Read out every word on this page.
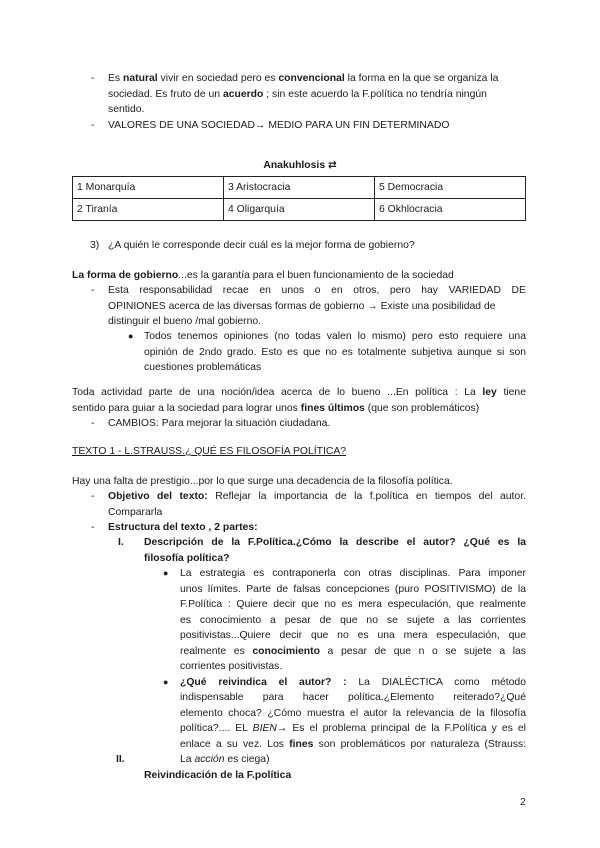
- Es natural vivir en sociedad pero es convencional la forma en la que se organiza la
sociedad. Es fruto de un acuerdo ; sin este acuerdo la F.política no tendría ningún
sentido.
- VALORES DE UNA SOCIEDAD→ MEDIO PARA UN FIN DETERMINADO
Anakuhlosis ⇄
1 Monarquía	3 Aristocracia	5 Democracia
2 Tiranía	4 Oligarquía	6 Okhlocracia
3) ¿A quién le corresponde decir cuál es la mejor forma de gobierno?
La forma de gobierno...es la garantía para el buen funcionamiento de la sociedad
- Esta responsabilidad recae en unos o en otros, pero hay VARIEDAD DE
OPINIONES acerca de las diversas formas de gobierno → Existe una posibilidad de
distinguir el bueno /mal gobierno.
● Todos tenemos opiniones (no todas valen lo mismo) pero esto requiere una
opinión de 2ndo grado. Esto es que no es totalmente subjetiva aunque si son
cuestiones problemáticas
Toda actividad parte de una noción/idea acerca de lo bueno ...En política : La ley tiene
sentido para guiar a la sociedad para lograr unos fines últimos (que son problemáticos)
- CAMBIOS: Para mejorar la situación ciudadana.
TEXTO 1 - L.STRAUSS.¿ QUÉ ES FILOSOFÍA POLÍTICA?
Hay una falta de prestigio...por lo que surge una decadencia de la filosofía política.
- Objetivo del texto: Reflejar la importancia de la f.política en tiempos del autor.
Compararla
- Estructura del texto , 2 partes:
I. Descripción de la F.Política.¿Cómo la describe el autor? ¿Qué es la
filosofía política?
● La estrategia es contraponerla con otras disciplinas. Para imponer
unos límites. Parte de falsas concepciones (puro POSITIVISMO) de la
F.Política : Quiere decir que no es mera especulación, que realmente
es conocimiento a pesar de que no se sujete a las corrientes
positivistas...Quiere decir que no es una mera especulación, que
realmente es conocimiento a pesar de que n o se sujete a las
corrientes positivistas.
● ¿Qué reivindica el autor? : La DIALÉCTICA como método
indispensable para hacer política.¿Elemento reiterado?¿Qué
elemento choca? ¿Cómo muestra el autor la relevancia de la filosofía
política?.... EL BIEN→ Es el problema principal de la F.Política y es el
enlace a su vez. Los fines son problemáticos por naturaleza (Strauss:
La acción es ciega)
II.
Reivindicación de la F.política
2
